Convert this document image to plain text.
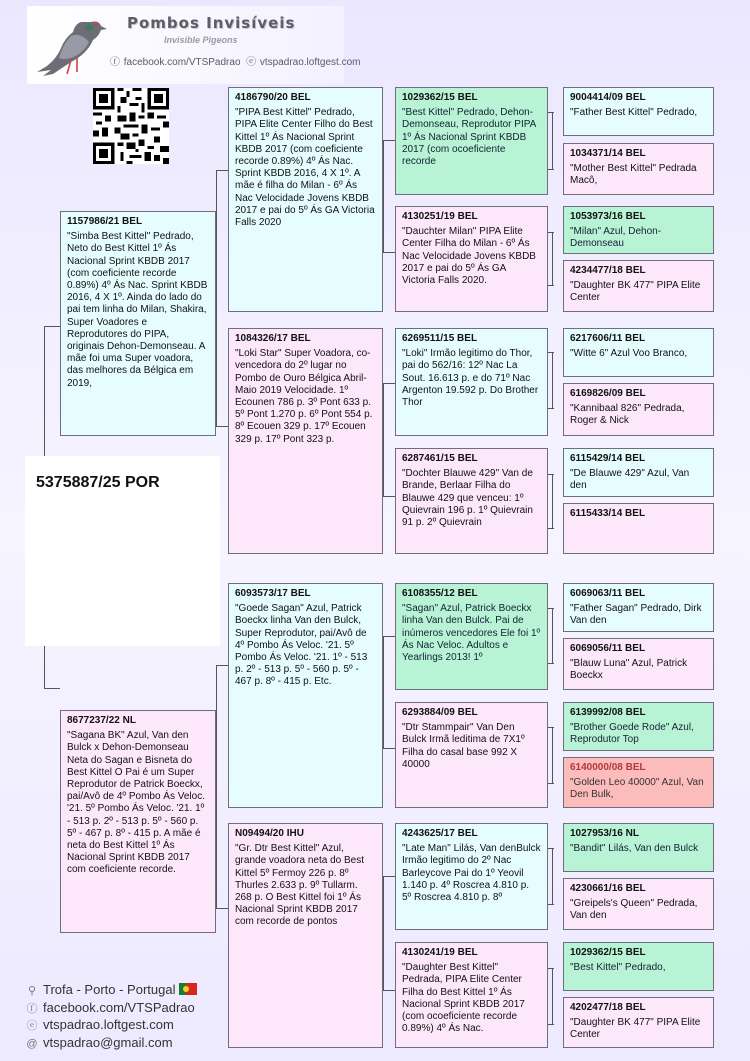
Pombos Invisíveis
Invisible Pigeons
ⓕ facebook.com/VTSPadrao ⓔ vtspadrao.loftgest.com
5375887/25 POR
1157986/21 BEL
"Simba Best Kittel" Pedrado, Neto do Best Kittel 1º Ás Nacional Sprint KBDB 2017 (com coeficiente recorde 0.89%) 4º Ás Nac. Sprint KBDB 2016, 4 X 1º. Ainda do lado do pai tem linha do Milan, Shakira, Super Voadores e Reprodutores do PIPA, originais Dehon-Demonseau. A mãe foi uma Super voadora, das melhores da Bélgica em 2019,
8677237/22 NL
"Sagana BK" Azul, Van den Bulck x Dehon-Demonseau Neta do Sagan e Bisneta do Best Kittel O Pai é um Super Reprodutor de Patrick Boeckx, pai/Avô de 4º Pombo Ás Veloc. '21. 5º Pombo Ás Veloc. '21. 1º - 513 p. 2º - 513 p. 5º - 560 p. 5º - 467 p. 8º - 415 p. A mãe é neta do Best Kittel 1º Ás Nacional Sprint KBDB 2017 com coeficiente recorde.
4186790/20 BEL
"PIPA Best Kittel" Pedrado, PIPA Elite Center Filho do Best Kittel 1º Ás Nacional Sprint KBDB 2017 (com coeficiente recorde 0.89%) 4º Ás Nac. Sprint KBDB 2016, 4 X 1º. A mãe é filha do Milan - 6º Ás Nac Velocidade Jovens KBDB 2017 e pai do 5º Ás GA Victoria Falls 2020
1084326/17 BEL
"Loki Star" Super Voadora, co-vencedora do 2º lugar no Pombo de Ouro Bélgica Abril-Maio 2019 Velocidade. 1º Ecounen 786 p. 3º Pont 633 p. 5º Pont 1.270 p. 6º Pont 554 p. 8º Ecouen 329 p. 17º Ecouen 329 p. 17º Pont 323 p.
6093573/17 BEL
"Goede Sagan" Azul, Patrick Boeckx linha Van den Bulck, Super Reprodutor, pai/Avô de 4º Pombo Ás Veloc. '21. 5º Pombo Ás Veloc. '21. 1º - 513 p. 2º - 513 p. 5º - 560 p. 5º - 467 p. 8º - 415 p. Etc.
N09494/20 IHU
"Gr. Dtr Best Kittel" Azul, grande voadora neta do Best Kittel 5º Fermoy 226 p. 8º Thurles 2.633 p. 9º Tullarm. 268 p. O Best Kittel foi 1º Ás Nacional Sprint KBDB 2017 com recorde de pontos
1029362/15 BEL
"Best Kittel" Pedrado, Dehon-Demonseau, Reprodutor PIPA 1º Ás Nacional Sprint KBDB 2017 (com ocoeficiente recorde
4130251/19 BEL
"Dauchter Milan" PIPA Elite Center Filha do Milan - 6º Ás Nac Velocidade Jovens KBDB 2017 e pai do 5º Ás GA Victoria Falls 2020.
6269511/15 BEL
"Loki" Irmão legitimo do Thor, pai do 562/16: 12º Nac La Sout. 16.613 p. e do 71º Nac Argenton 19.592 p. Do Brother Thor
6287461/15 BEL
"Dochter Blauwe 429" Van de Brande, Berlaar Filha do Blauwe 429 que venceu: 1º Quievrain 196 p. 1º Quievrain 91 p. 2º Quievrain
6108355/12 BEL
"Sagan" Azul, Patrick Boeckx linha Van den Bulck. Pai de inúmeros vencedores Ele foi 1º Ás Nac Veloc. Adultos e Yearlings 2013! 1º
6293884/09 BEL
"Dtr Stammpair" Van Den Bulck Irmã leditima de 7X1º Filha do casal base 992 X 40000
4243625/17 BEL
"Late Man" Lilás, Van denBulck Irmão legitimo do 2º Nac Barleycove Pai do 1º Yeovil 1.140 p. 4º Roscrea 4.810 p. 5º Roscrea 4.810 p. 8º
4130241/19 BEL
"Daughter Best Kittel" Pedrada, PIPA Elite Center Filha do Best Kittel 1º Ás Nacional Sprint KBDB 2017 (com ocoeficiente recorde 0.89%) 4º Ás Nac.
9004414/09 BEL
"Father Best Kittel" Pedrado,
1034371/14 BEL
"Mother Best Kittel" Pedrada Macô,
1053973/16 BEL
"Milan" Azul, Dehon-Demonseau
4234477/18 BEL
"Daughter BK 477" PIPA Elite Center
6217606/11 BEL
"Witte 6" Azul Voo Branco,
6169826/09 BEL
"Kannibaal 826" Pedrada, Roger & Nick
6115429/14 BEL
"De Blauwe 429" Azul, Van den
6115433/14 BEL
6069063/11 BEL
"Father Sagan" Pedrado, Dirk Van den
6069056/11 BEL
"Blauw Luna" Azul, Patrick Boeckx
6139992/08 BEL
"Brother Goede Rode" Azul, Reprodutor Top
6140000/08 BEL
"Golden Leo 40000" Azul, Van Den Bulk,
1027953/16 NL
"Bandit" Lilás, Van den Bulck
4230661/16 BEL
"Greipels's Queen" Pedrada, Van den
1029362/15 BEL
"Best Kittel" Pedrado,
4202477/18 BEL
"Daughter BK 477" PIPA Elite Center
⚲ Trofa - Porto - Portugal
ⓕ facebook.com/VTSPadrao
ⓔ vtspadrao.loftgest.com
@ vtspadrao@gmail.com
